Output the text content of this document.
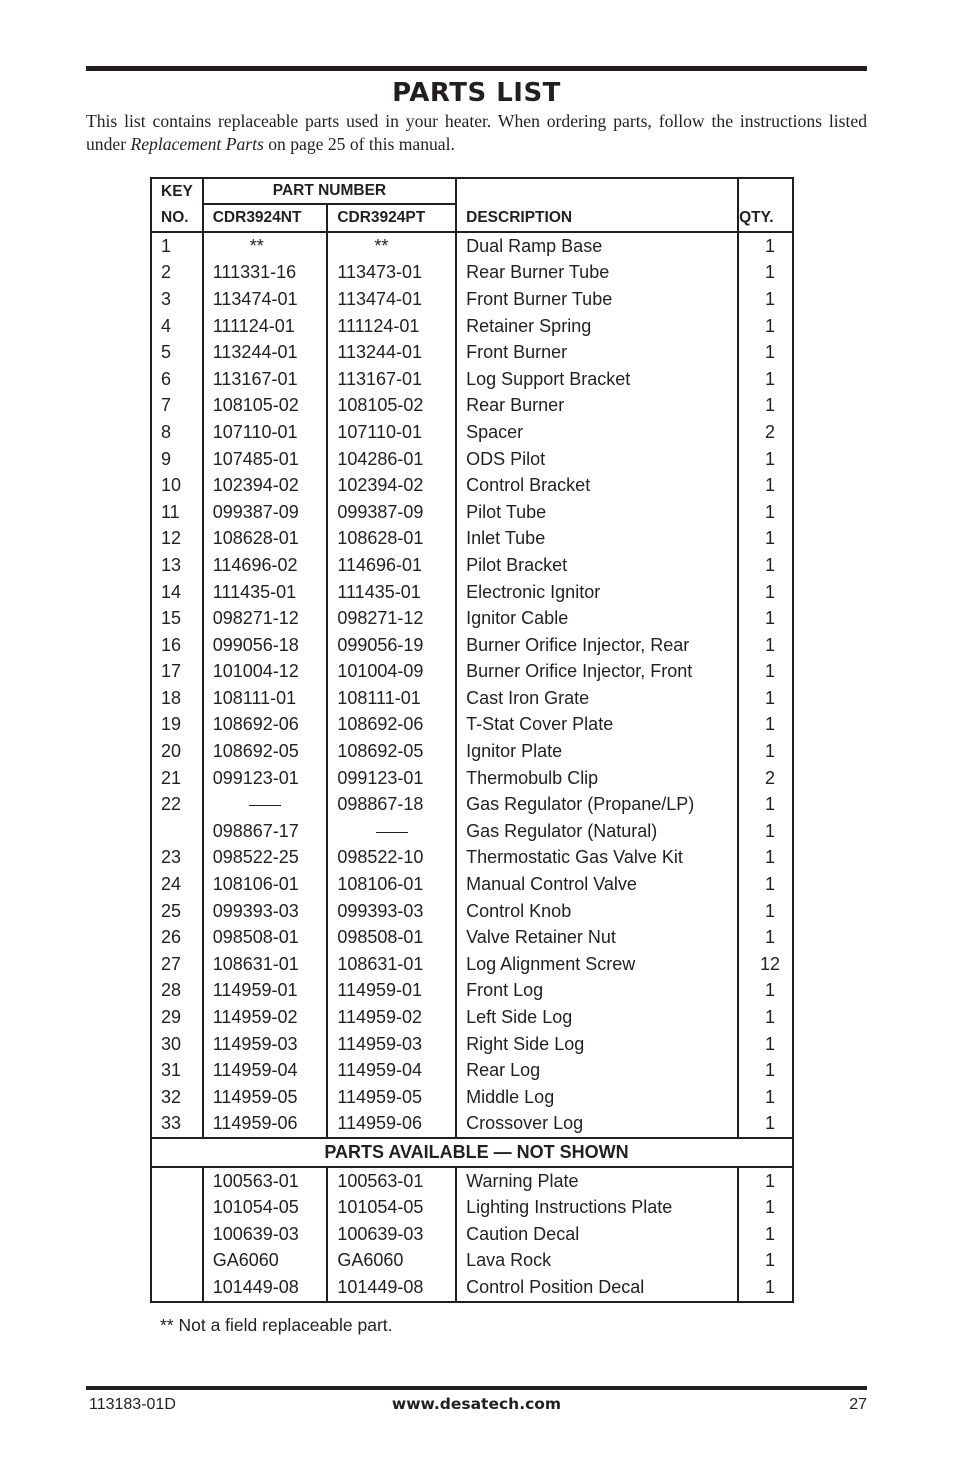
PARTS LIST
This list contains replaceable parts used in your heater. When ordering parts, follow the instructions listed under Replacement Parts on page 25 of this manual.
KEY	PART NUMBER			
NO.	CDR3924NT	CDR3924PT	DESCRIPTION	QTY.
1	**	**	Dual Ramp Base	1
2	111331-16	113473-01	Rear Burner Tube	1
3	113474-01	113474-01	Front Burner Tube	1
4	111124-01	111124-01	Retainer Spring	1
5	113244-01	113244-01	Front Burner	1
6	113167-01	113167-01	Log Support Bracket	1
7	108105-02	108105-02	Rear Burner	1
8	107110-01	107110-01	Spacer	2
9	107485-01	104286-01	ODS Pilot	1
10	102394-02	102394-02	Control Bracket	1
11	099387-09	099387-09	Pilot Tube	1
12	108628-01	108628-01	Inlet Tube	1
13	114696-02	114696-01	Pilot Bracket	1
14	111435-01	111435-01	Electronic Ignitor	1
15	098271-12	098271-12	Ignitor Cable	1
16	099056-18	099056-19	Burner Orifice Injector, Rear	1
17	101004-12	101004-09	Burner Orifice Injector, Front	1
18	108111-01	108111-01	Cast Iron Grate	1
19	108692-06	108692-06	T-Stat Cover Plate	1
20	108692-05	108692-05	Ignitor Plate	1
21	099123-01	099123-01	Thermobulb Clip	2
22		098867-18	Gas Regulator (Propane/LP)	1
	098867-17		Gas Regulator (Natural)	1
23	098522-25	098522-10	Thermostatic Gas Valve Kit	1
24	108106-01	108106-01	Manual Control Valve	1
25	099393-03	099393-03	Control Knob	1
26	098508-01	098508-01	Valve Retainer Nut	1
27	108631-01	108631-01	Log Alignment Screw	12
28	114959-01	114959-01	Front Log	1
29	114959-02	114959-02	Left Side Log	1
30	114959-03	114959-03	Right Side Log	1
31	114959-04	114959-04	Rear Log	1
32	114959-05	114959-05	Middle Log	1
33	114959-06	114959-06	Crossover Log	1
PARTS AVAILABLE — NOT SHOWN				
	100563-01	100563-01	Warning Plate	1
	101054-05	101054-05	Lighting Instructions Plate	1
	100639-03	100639-03	Caution Decal	1
	GA6060	GA6060	Lava Rock	1
	101449-08	101449-08	Control Position Decal	1
** Not a field replaceable part.
113183-01D	www.desatech.com	27
